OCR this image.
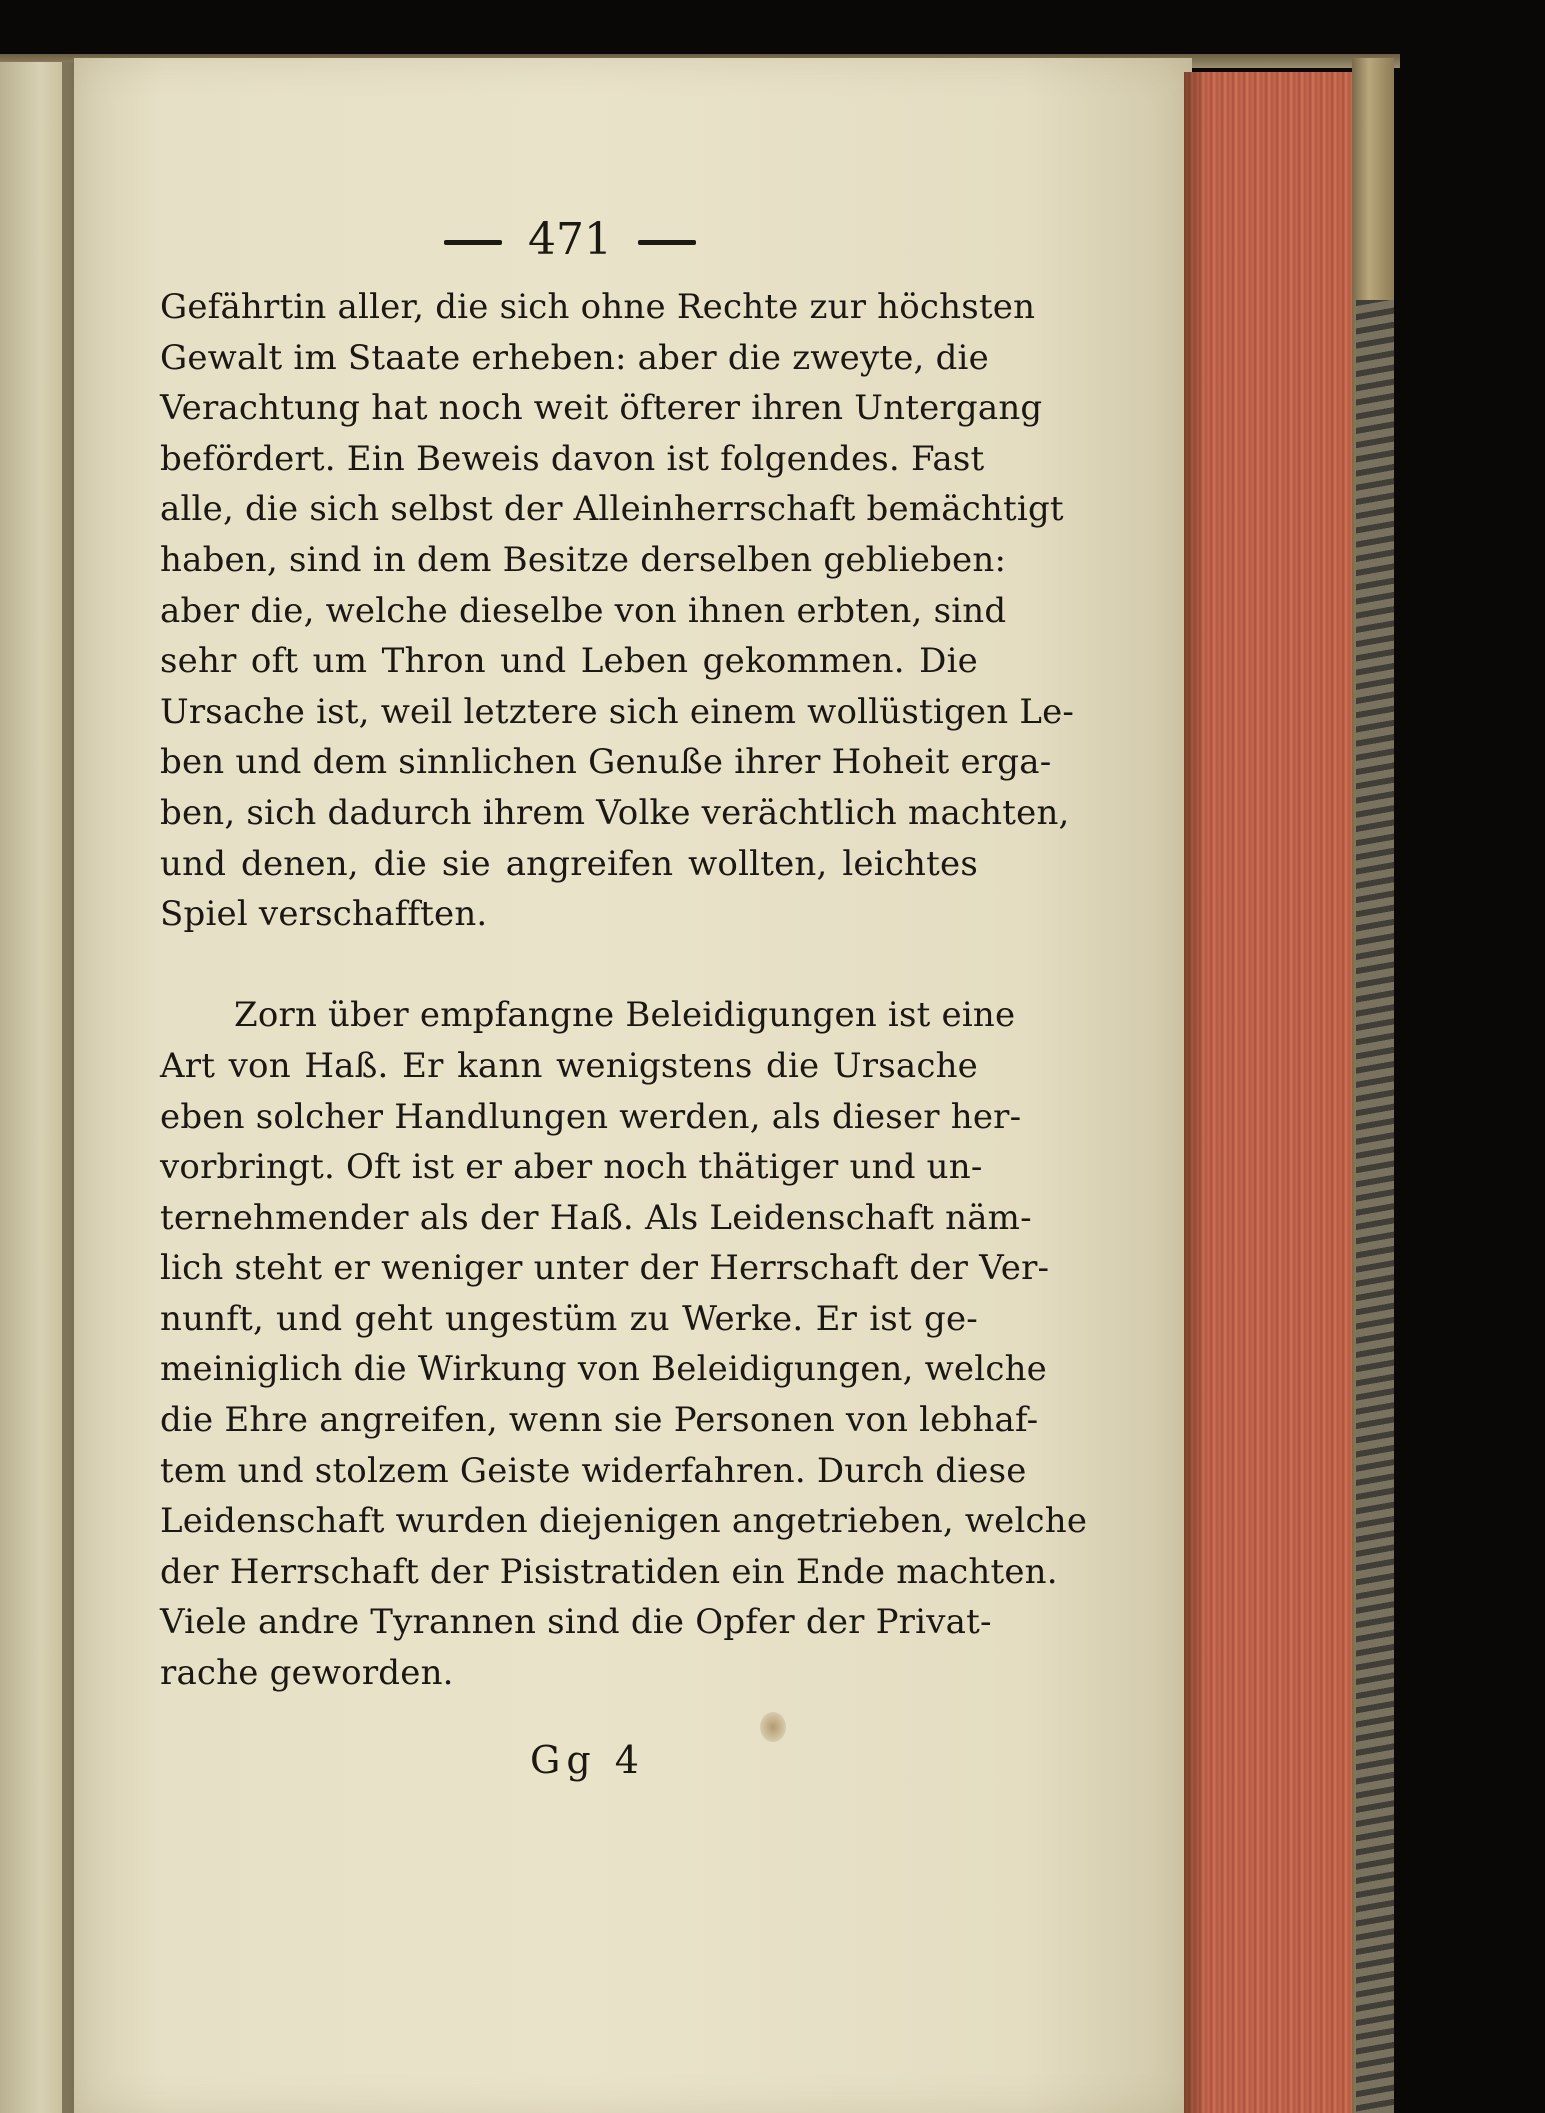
471
Gefährtin aller, die sich ohne Rechte zur höchsten
Gewalt im Staate erheben: aber die zweyte, die
Verachtung hat noch weit öfterer ihren Untergang
befördert. Ein Beweis davon ist folgendes. Fast
alle, die sich selbst der Alleinherrschaft bemächtigt
haben, sind in dem Besitze derselben geblieben:
aber die, welche dieselbe von ihnen erbten, sind
sehr oft um Thron und Leben gekommen. Die
Ursache ist, weil letztere sich einem wollüstigen Le-
ben und dem sinnlichen Genuße ihrer Hoheit erga-
ben, sich dadurch ihrem Volke verächtlich machten,
und denen, die sie angreifen wollten, leichtes
Spiel verschafften.
Zorn über empfangne Beleidigungen ist eine
Art von Haß. Er kann wenigstens die Ursache
eben solcher Handlungen werden, als dieser her-
vorbringt. Oft ist er aber noch thätiger und un-
ternehmender als der Haß. Als Leidenschaft näm-
lich steht er weniger unter der Herrschaft der Ver-
nunft, und geht ungestüm zu Werke. Er ist ge-
meiniglich die Wirkung von Beleidigungen, welche
die Ehre angreifen, wenn sie Personen von lebhaf-
tem und stolzem Geiste widerfahren. Durch diese
Leidenschaft wurden diejenigen angetrieben, welche
der Herrschaft der Pisistratiden ein Ende machten.
Viele andre Tyrannen sind die Opfer der Privat-
rache geworden.
Gg 4
